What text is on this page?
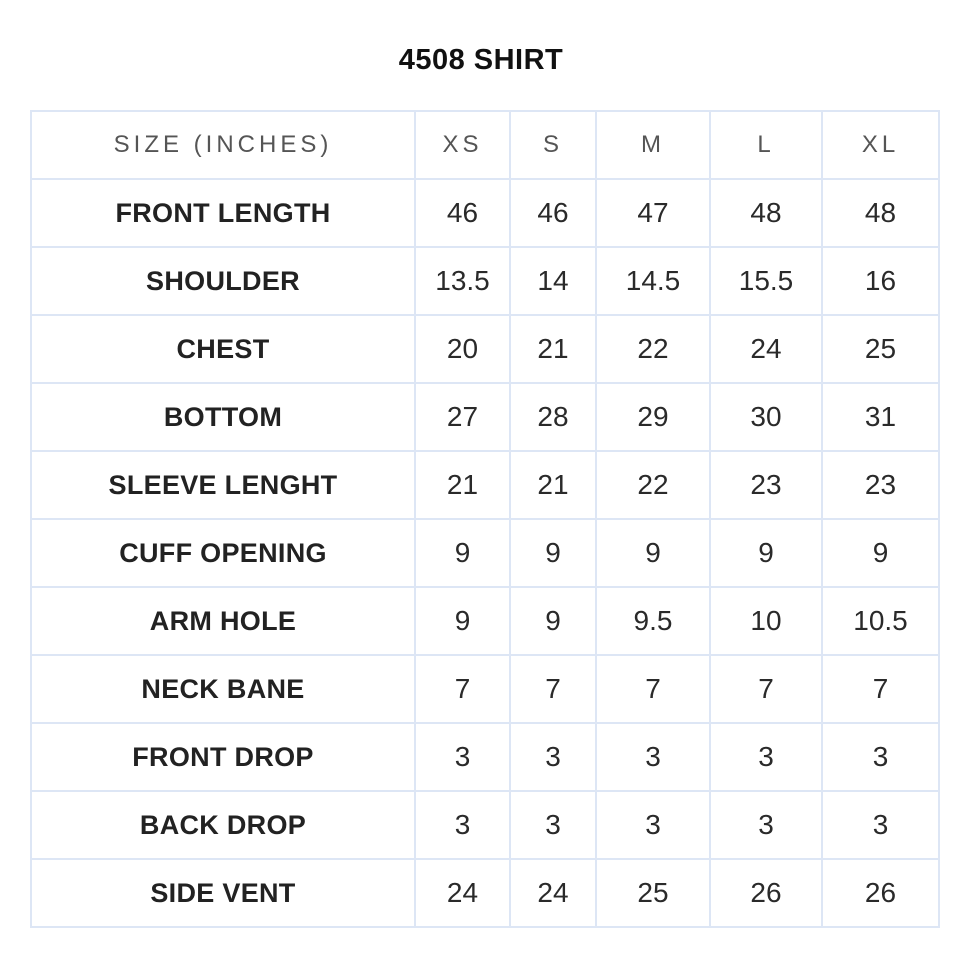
4508 SHIRT
SIZE (INCHES)	XS	S	M	L	XL
FRONT LENGTH	46	46	47	48	48
SHOULDER	13.5	14	14.5	15.5	16
CHEST	20	21	22	24	25
BOTTOM	27	28	29	30	31
SLEEVE LENGHT	21	21	22	23	23
CUFF OPENING	9	9	9	9	9
ARM HOLE	9	9	9.5	10	10.5
NECK BANE	7	7	7	7	7
FRONT DROP	3	3	3	3	3
BACK DROP	3	3	3	3	3
SIDE VENT	24	24	25	26	26
